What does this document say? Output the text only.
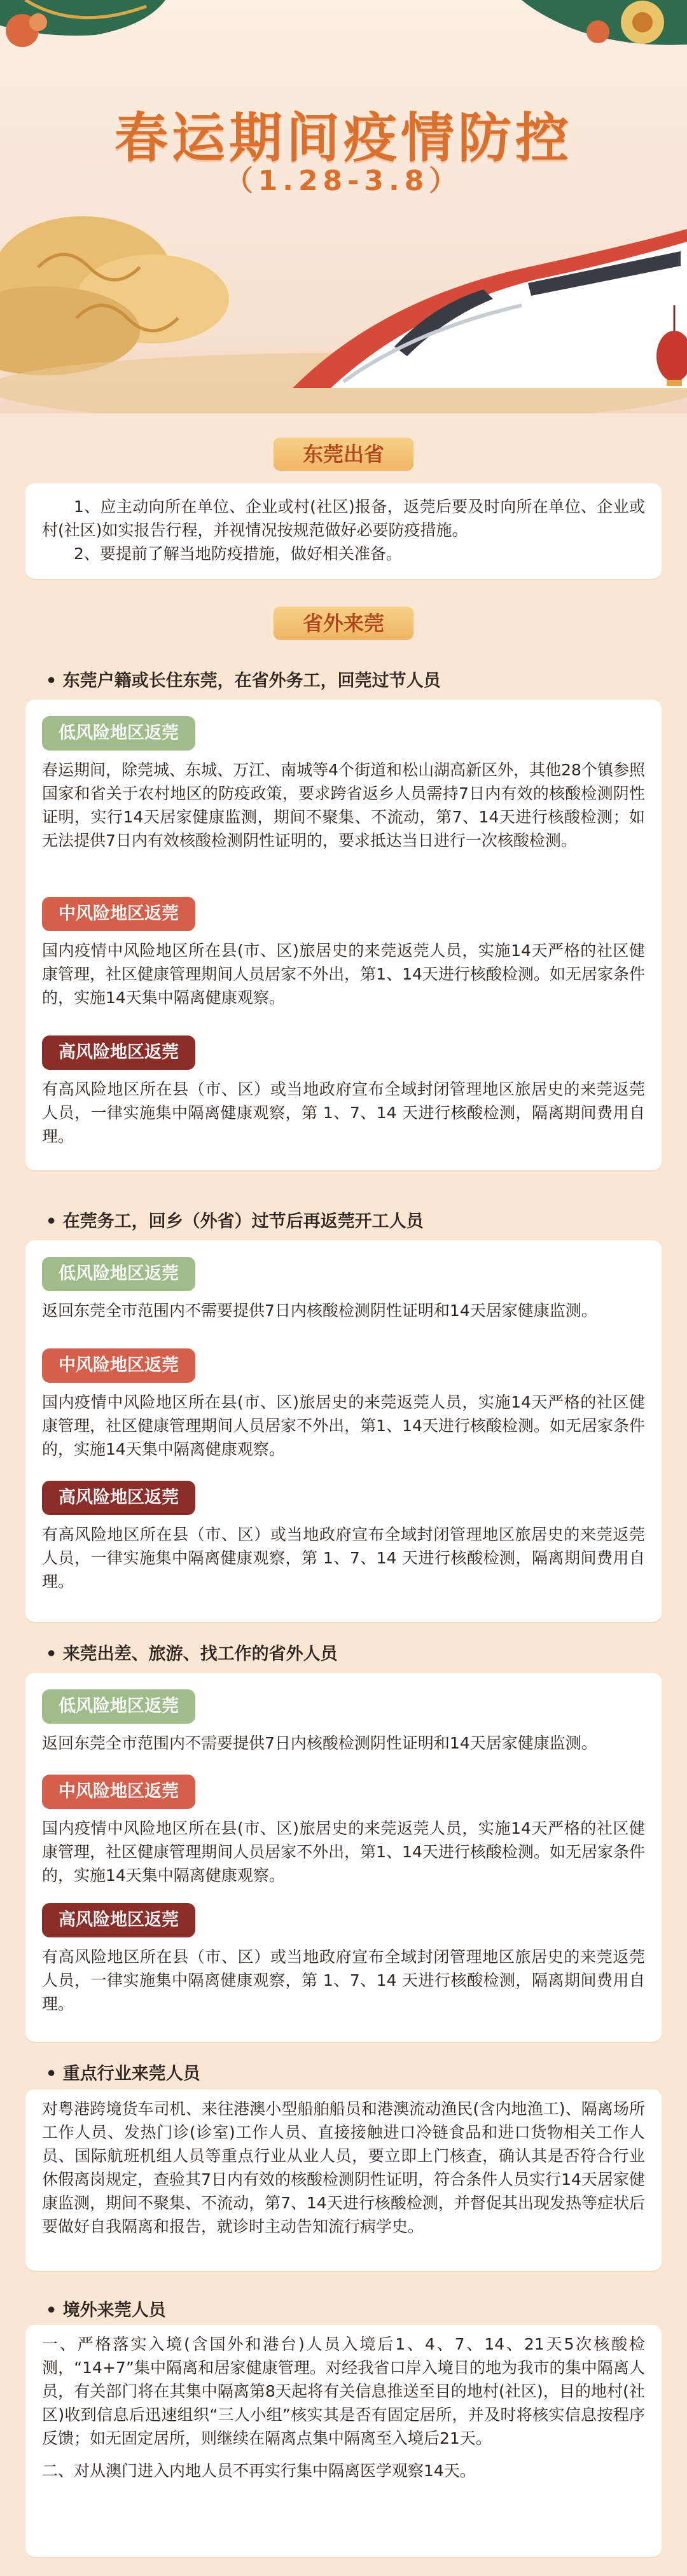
春运期间疫情防控
（1.28-3.8）
东莞出省

1、应主动向所在单位、企业或村(社区)报备，返莞后要及时向所在单位、企业或村(社区)如实报告行程，并视情况按规范做好必要防疫措施。

2、要提前了解当地防疫措施，做好相关准备。

省外来莞
• 东莞户籍或长住东莞，在省外务工，回莞过节人员
低风险地区返莞

春运期间，除莞城、东城、万江、南城等4个街道和松山湖高新区外，其他28个镇参照国家和省关于农村地区的防疫政策，要求跨省返乡人员需持7日内有效的核酸检测阴性证明，实行14天居家健康监测，期间不聚集、不流动，第7、14天进行核酸检测；如无法提供7日内有效核酸检测阴性证明的，要求抵达当日进行一次核酸检测。

中风险地区返莞

国内疫情中风险地区所在县(市、区)旅居史的来莞返莞人员，实施14天严格的社区健康管理，社区健康管理期间人员居家不外出，第1、14天进行核酸检测。如无居家条件的，实施14天集中隔离健康观察。

高风险地区返莞

有高风险地区所在县（市、区）或当地政府宣布全域封闭管理地区旅居史的来莞返莞人员，一律实施集中隔离健康观察，第 1、7、14 天进行核酸检测，隔离期间费用自理。

• 在莞务工，回乡（外省）过节后再返莞开工人员
低风险地区返莞

返回东莞全市范围内不需要提供7日内核酸检测阴性证明和14天居家健康监测。

中风险地区返莞

国内疫情中风险地区所在县(市、区)旅居史的来莞返莞人员，实施14天严格的社区健康管理，社区健康管理期间人员居家不外出，第1、14天进行核酸检测。如无居家条件的，实施14天集中隔离健康观察。

高风险地区返莞

有高风险地区所在县（市、区）或当地政府宣布全域封闭管理地区旅居史的来莞返莞人员，一律实施集中隔离健康观察，第 1、7、14 天进行核酸检测，隔离期间费用自理。

• 来莞出差、旅游、找工作的省外人员
低风险地区返莞

返回东莞全市范围内不需要提供7日内核酸检测阴性证明和14天居家健康监测。

中风险地区返莞

国内疫情中风险地区所在县(市、区)旅居史的来莞返莞人员，实施14天严格的社区健康管理，社区健康管理期间人员居家不外出，第1、14天进行核酸检测。如无居家条件的，实施14天集中隔离健康观察。

高风险地区返莞

有高风险地区所在县（市、区）或当地政府宣布全域封闭管理地区旅居史的来莞返莞人员，一律实施集中隔离健康观察，第 1、7、14 天进行核酸检测，隔离期间费用自理。

• 重点行业来莞人员

对粤港跨境货车司机、来往港澳小型船舶船员和港澳流动渔民(含内地渔工)、隔离场所工作人员、发热门诊(诊室)工作人员、直接接触进口冷链食品和进口货物相关工作人员、国际航班机组人员等重点行业从业人员，要立即上门核查，确认其是否符合行业休假离岗规定，查验其7日内有效的核酸检测阴性证明，符合条件人员实行14天居家健康监测，期间不聚集、不流动，第7、14天进行核酸检测，并督促其出现发热等症状后要做好自我隔离和报告，就诊时主动告知流行病学史。

• 境外来莞人员

一、严格落实入境(含国外和港台)人员入境后1、4、7、14、21天5次核酸检测，“14+7”集中隔离和居家健康管理。对经我省口岸入境目的地为我市的集中隔离人员，有关部门将在其集中隔离第8天起将有关信息推送至目的地村(社区)，目的地村(社区)收到信息后迅速组织“三人小组”核实其是否有固定居所，并及时将核实信息按程序反馈；如无固定居所，则继续在隔离点集中隔离至入境后21天。

二、对从澳门进入内地人员不再实行集中隔离医学观察14天。
